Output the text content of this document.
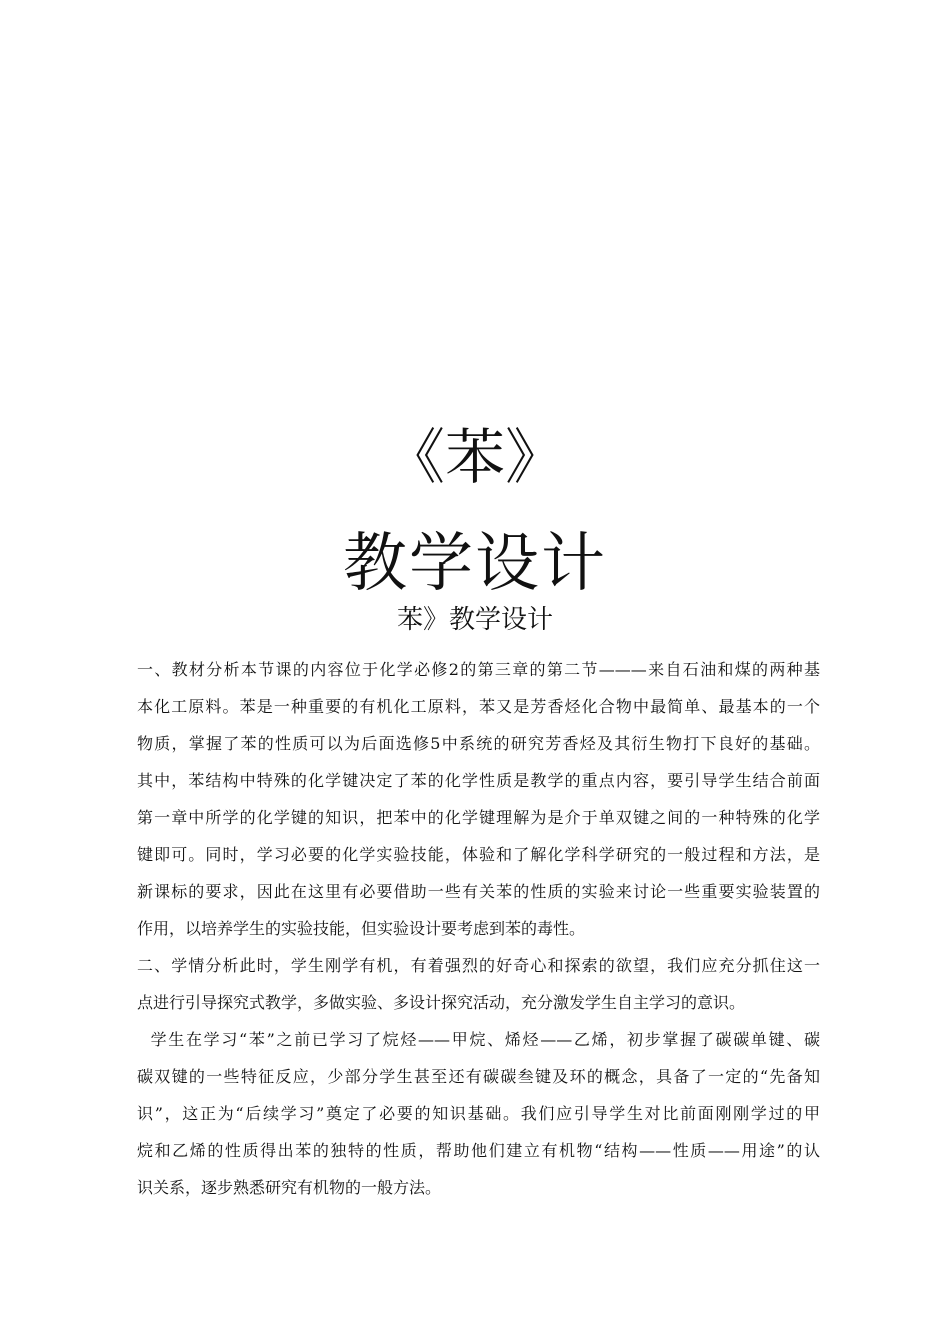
《苯》
教学设计
苯》教学设计
一、教材分析本节课的内容位于化学必修2的第三章的第二节———来自石油和煤的两种基
本化工原料。苯是一种重要的有机化工原料，苯又是芳香烃化合物中最简单、最基本的一个
物质，掌握了苯的性质可以为后面选修5中系统的研究芳香烃及其衍生物打下良好的基础。
其中，苯结构中特殊的化学键决定了苯的化学性质是教学的重点内容，要引导学生结合前面
第一章中所学的化学键的知识，把苯中的化学键理解为是介于单双键之间的一种特殊的化学
键即可。同时，学习必要的化学实验技能，体验和了解化学科学研究的一般过程和方法，是
新课标的要求，因此在这里有必要借助一些有关苯的性质的实验来讨论一些重要实验装置的
作用，以培养学生的实验技能，但实验设计要考虑到苯的毒性。
二、学情分析此时，学生刚学有机，有着强烈的好奇心和探索的欲望，我们应充分抓住这一
点进行引导探究式教学，多做实验、多设计探究活动，充分激发学生自主学习的意识。
学生在学习“苯”之前已学习了烷烃——甲烷、烯烃——乙烯，初步掌握了碳碳单键、碳
碳双键的一些特征反应，少部分学生甚至还有碳碳叁键及环的概念，具备了一定的“先备知
识”，这正为“后续学习”奠定了必要的知识基础。我们应引导学生对比前面刚刚学过的甲
烷和乙烯的性质得出苯的独特的性质，帮助他们建立有机物“结构——性质——用途”的认
识关系，逐步熟悉研究有机物的一般方法。
